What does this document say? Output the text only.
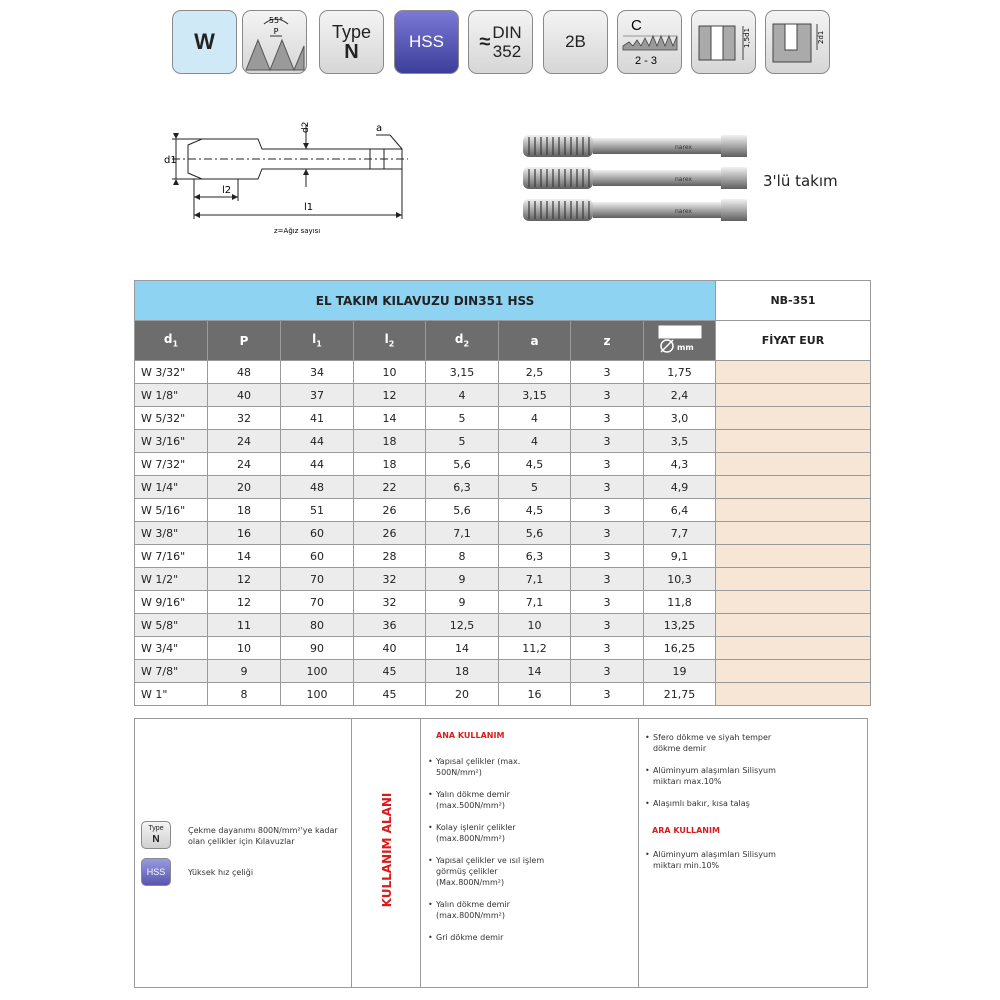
W
55°
P	Type
N	HSS ≈ DIN
352
2B
C
2 - 3
1,5d1	2d1
d1
d2	a
l1
l2
z=Ağız sayısı
narex
narex
narex
3'lü takım
EL TAKIM KILAVUZU DIN351 HSS								NB-351
$d_1$	P	$l_1$	$l_2$	$d_2$	a	z	mm	FİYAT EUR
W 3/32"	48	34	10	3,15	2,5	3	1,75	
W 1/8"	40	37	12	4	3,15	3	2,4	
W 5/32"	32	41	14	5	4	3	3,0	
W 3/16"	24	44	18	5	4	3	3,5	
W 7/32"	24	44	18	5,6	4,5	3	4,3	
W 1/4"	20	48	22	6,3	5	3	4,9	
W 5/16"	18	51	26	5,6	4,5	3	6,4	
W 3/8"	16	60	26	7,1	5,6	3	7,7	
W 7/16"	14	60	28	8	6,3	3	9,1	
W 1/2"	12	70	32	9	7,1	3	10,3	
W 9/16"	12	70	32	9	7,1	3	11,8	
W 5/8"	11	80	36	12,5	10	3	13,25	
W 3/4"	10	90	40	14	11,2	3	16,25	
W 7/8"	9	100	45	18	14	3	19	
W 1"	8	100	45	20	16	3	21,75	
Type
N
Çekme dayanımı 800N/mm²'ye kadar olan çelikler için Kılavuzlar
HSS	Yüksek hız çeliği	KULLANIM ALANI
ANA KULLANIM
• Yapısal çelikler (max. 500N/mm²)
• Yalın dökme demir (max.500N/mm²)
• Kolay işlenir çelikler (max.800N/mm²)
• Yapısal çelikler ve ısıl işlem görmüş çelikler (Max.800N/mm²)
• Yalın dökme demir (max.800N/mm²)
• Gri dökme demir
• Sfero dökme ve siyah temper dökme demir
• Alüminyum alaşımları Silisyum miktarı max.10%
• Alaşımlı bakır, kısa talaş
ARA KULLANIM
• Alüminyum alaşımları Silisyum miktarı min.10%
